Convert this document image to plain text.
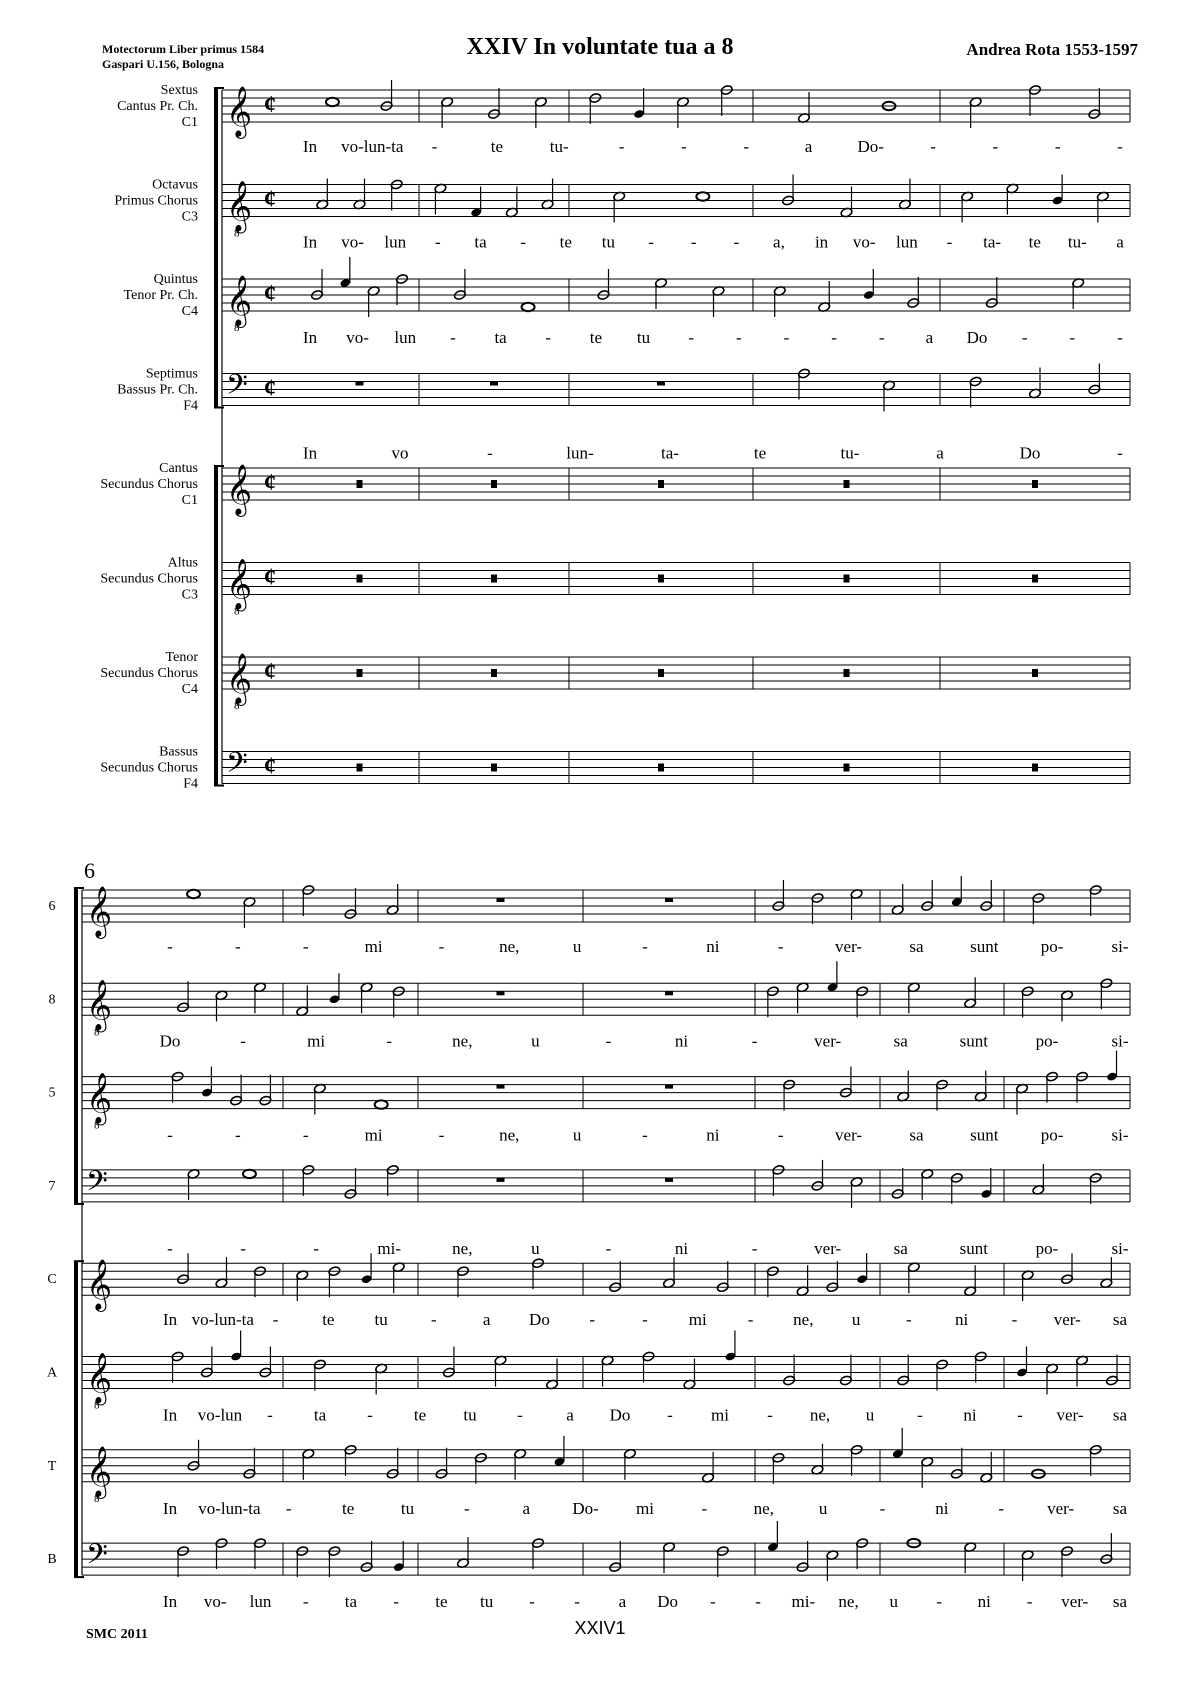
XXIV In voluntate tua a 8
Motectorum Liber primus 1584
Gaspari U.156, Bologna
Andrea Rota 1553-1597
Sextus
Cantus Pr. Ch.
C1 𝄞 ¢
In vo-lun-ta -	te	tu-	-	-	-	a	Do-	-	-	-	-
Octavus
Primus Chorus
C3 𝄞
8
¢
In vo- lun - ta - te tu - - - a, in vo- lun - ta- te tu- a
Quintus
Tenor Pr. Ch.
C4 𝄞
8
¢
In vo- lun - ta - te tu - - - - - a Do - - -
Septimus
Bassus Pr. Ch.
F4 𝄢 ¢
In	vo	-	lun-	ta-	te	tu-	a	Do	-
Cantus
Secundus Chorus
C1 𝄞 ¢
Altus
Secundus Chorus
C3 𝄞
8
¢
Tenor
Secundus Chorus
C4 𝄞
8
¢
Bassus
Secundus Chorus
F4 𝄢 ¢
6
6 𝄞
-	-	-	mi	-	ne,	u	-	ni	-	ver-	sa	sunt po-	si-
8 𝄞
8	Do	-	mi	-	ne,	u	-	ni	-	ver-	sa	sunt	po-	si-
5 𝄞
8	-	-	-	mi	-	ne,	u	-	ni	-	ver-	sa	sunt po-	si-
7 𝄢
-	-	-	mi-	ne,	u	-	ni	-	ver-	sa	sunt	po-	si-
C 𝄞
In vo-lun-ta -	te tu	-	a Do -	- mi - ne, u	-	ni	- ver- sa
A 𝄞
8	In vo-lun - ta - te tu -	a Do - mi - ne, u	- ni - ver- sa
T 𝄞
8	In vo-lun-ta -	te	tu	-	a Do- mi	-	ne,	u	-	ni	-	ver- sa
B 𝄢
In vo- lun - ta - te tu - - a Do - - mi- ne, u - ni - ver- sa
SMC 2011	XXIV1
